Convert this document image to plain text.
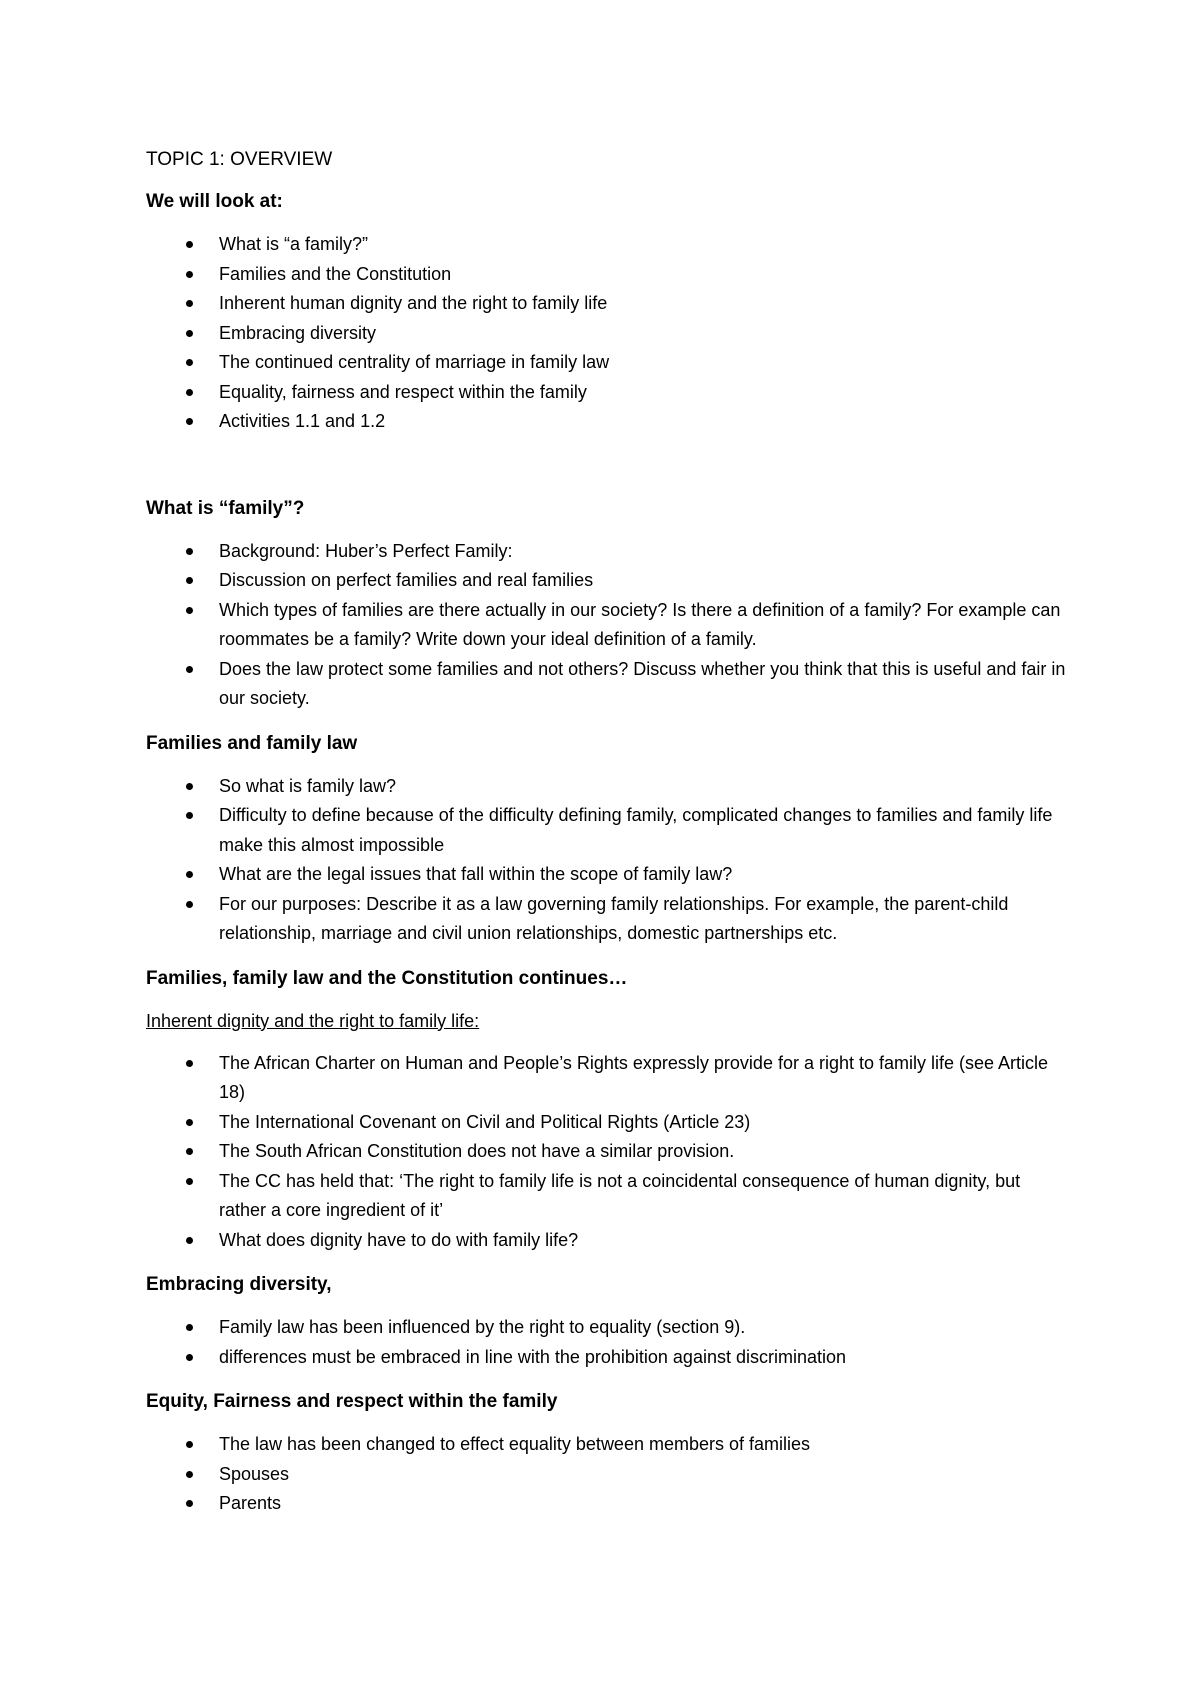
TOPIC 1: OVERVIEW
We will look at:
What is “a family?”
Families and the Constitution
Inherent human dignity and the right to family life
Embracing diversity
The continued centrality of marriage in family law
Equality, fairness and respect within the family
Activities 1.1 and 1.2
What is “family”?
Background: Huber’s Perfect Family:
Discussion on perfect families and real families
Which types of families are there actually in our society? Is there a definition of a family? For example can roommates be a family? Write down your ideal definition of a family.
Does the law protect some families and not others? Discuss whether you think that this is useful and fair in our society.
Families and family law
So what is family law?
Difficulty to define because of the difficulty defining family, complicated changes to families and family life make this almost impossible
What are the legal issues that fall within the scope of family law?
For our purposes: Describe it as a law governing family relationships. For example, the parent-child relationship, marriage and civil union relationships, domestic partnerships etc.
Families, family law and the Constitution continues…
Inherent dignity and the right to family life:
The African Charter on Human and People’s Rights expressly provide for a right to family life (see Article 18)
The International Covenant on Civil and Political Rights (Article 23)
The South African Constitution does not have a similar provision.
The CC has held that: ‘The right to family life is not a coincidental consequence of human dignity, but rather a core ingredient of it’
What does dignity have to do with family life?
Embracing diversity,
Family law has been influenced by the right to equality (section 9).
differences must be embraced in line with the prohibition against discrimination
Equity, Fairness and respect within the family
The law has been changed to effect equality between members of families
Spouses
Parents
